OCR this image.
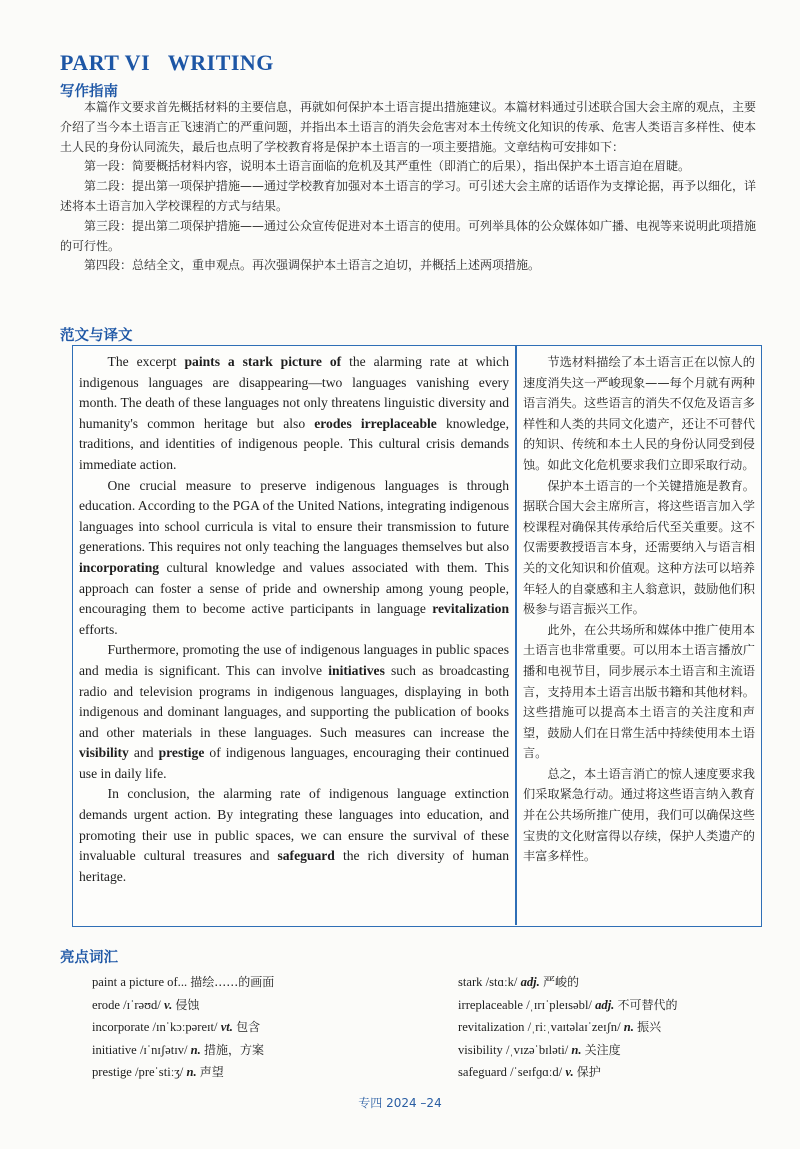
PART VI   WRITING
写作指南

本篇作文要求首先概括材料的主要信息，再就如何保护本土语言提出措施建议。本篇材料通过引述联合国大会主席的观点，主要介绍了当今本土语言正飞速消亡的严重问题，并指出本土语言的消失会危害对本土传统文化知识的传承、危害人类语言多样性、使本土人民的身份认同流失，最后也点明了学校教育将是保护本土语言的一项主要措施。文章结构可安排如下：

第一段：简要概括材料内容，说明本土语言面临的危机及其严重性（即消亡的后果），指出保护本土语言迫在眉睫。

第二段：提出第一项保护措施——通过学校教育加强对本土语言的学习。可引述大会主席的话语作为支撑论据，再予以细化，详述将本土语言加入学校课程的方式与结果。

第三段：提出第二项保护措施——通过公众宣传促进对本土语言的使用。可列举具体的公众媒体如广播、电视等来说明此项措施的可行性。

第四段：总结全文，重申观点。再次强调保护本土语言之迫切，并概括上述两项措施。

范文与译文

The excerpt paints a stark picture of the alarming rate at which indigenous languages are disappearing—two languages vanishing every month. The death of these languages not only threatens linguistic diversity and humanity's common heritage but also erodes irreplaceable knowledge, traditions, and identities of indigenous people. This cultural crisis demands immediate action.

One crucial measure to preserve indigenous languages is through education. According to the PGA of the United Nations, integrating indigenous languages into school curricula is vital to ensure their transmission to future generations. This requires not only teaching the languages themselves but also incorporating cultural knowledge and values associated with them. This approach can foster a sense of pride and ownership among young people, encouraging them to become active participants in language revitalization efforts.

Furthermore, promoting the use of indigenous languages in public spaces and media is significant. This can involve initiatives such as broadcasting radio and television programs in indigenous languages, displaying in both indigenous and dominant languages, and supporting the publication of books and other materials in these languages. Such measures can increase the visibility and prestige of indigenous languages, encouraging their continued use in daily life.

In conclusion, the alarming rate of indigenous language extinction demands urgent action. By integrating these languages into education, and promoting their use in public spaces, we can ensure the survival of these invaluable cultural treasures and safeguard the rich diversity of human heritage.

节选材料描绘了本土语言正在以惊人的速度消失这一严峻现象——每个月就有两种语言消失。这些语言的消失不仅危及语言多样性和人类的共同文化遗产，还让不可替代的知识、传统和本土人民的身份认同受到侵蚀。如此文化危机要求我们立即采取行动。

保护本土语言的一个关键措施是教育。据联合国大会主席所言，将这些语言加入学校课程对确保其传承给后代至关重要。这不仅需要教授语言本身，还需要纳入与语言相关的文化知识和价值观。这种方法可以培养年轻人的自豪感和主人翁意识，鼓励他们积极参与语言振兴工作。

此外，在公共场所和媒体中推广使用本土语言也非常重要。可以用本土语言播放广播和电视节目，同步展示本土语言和主流语言，支持用本土语言出版书籍和其他材料。这些措施可以提高本土语言的关注度和声望，鼓励人们在日常生活中持续使用本土语言。

总之，本土语言消亡的惊人速度要求我们采取紧急行动。通过将这些语言纳入教育并在公共场所推广使用，我们可以确保这些宝贵的文化财富得以存续，保护人类遗产的丰富多样性。

亮点词汇
paint a picture of... 描绘……的画面
erode /ɪˈrəʊd/ v. 侵蚀
incorporate /ɪnˈkɔːpəreɪt/ vt. 包含
initiative /ɪˈnɪʃətɪv/ n. 措施，方案
prestige /preˈstiːʒ/ n. 声望
stark /stɑːk/ adj. 严峻的
irreplaceable /ˌɪrɪˈpleɪsəbl/ adj. 不可替代的
revitalization /ˌriːˌvaɪtəlaɪˈzeɪʃn/ n. 振兴
visibility /ˌvɪzəˈbɪləti/ n. 关注度
safeguard /ˈseɪfɡɑːd/ v. 保护
专四 2024 –24
